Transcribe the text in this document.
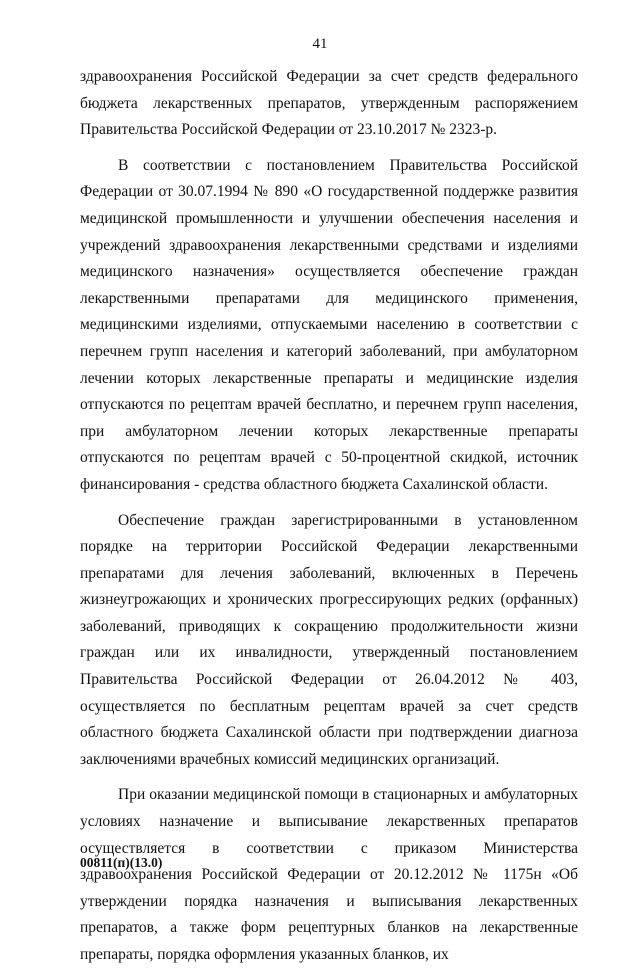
41

здравоохранения Российской Федерации за счет средств федерального бюджета лекарственных препаратов, утвержденным распоряжением Правительства Российской Федерации от 23.10.2017 № 2323-р.

В соответствии с постановлением Правительства Российской Федерации от 30.07.1994 № 890 «О государственной поддержке развития медицинской промышленности и улучшении обеспечения населения и учреждений здравоохранения лекарственными средствами и изделиями медицинского назначения» осуществляется обеспечение граждан лекарственными препаратами для медицинского применения, медицинскими изделиями, отпускаемыми населению в соответствии с перечнем групп населения и категорий заболеваний, при амбулаторном лечении которых лекарственные препараты и медицинские изделия отпускаются по рецептам врачей бесплатно, и перечнем групп населения, при амбулаторном лечении которых лекарственные препараты отпускаются по рецептам врачей с 50-процентной скидкой, источник финансирования - средства областного бюджета Сахалинской области.

Обеспечение граждан зарегистрированными в установленном порядке на территории Российской Федерации лекарственными препаратами для лечения заболеваний, включенных в Перечень жизнеугрожающих и хронических прогрессирующих редких (орфанных) заболеваний, приводящих к сокращению продолжительности жизни граждан или их инвалидности, утвержденный постановлением Правительства Российской Федерации от 26.04.2012 № 403, осуществляется по бесплатным рецептам врачей за счет средств областного бюджета Сахалинской области при подтверждении диагноза заключениями врачебных комиссий медицинских организаций.

При оказании медицинской помощи в стационарных и амбулаторных условиях назначение и выписывание лекарственных препаратов осуществляется в соответствии с приказом Министерства здравоохранения Российской Федерации от 20.12.2012 № 1175н «Об утверждении порядка назначения и выписывания лекарственных препаратов, а также форм рецептурных бланков на лекарственные препараты, порядка оформления указанных бланков, их

00811(п)(13.0)
